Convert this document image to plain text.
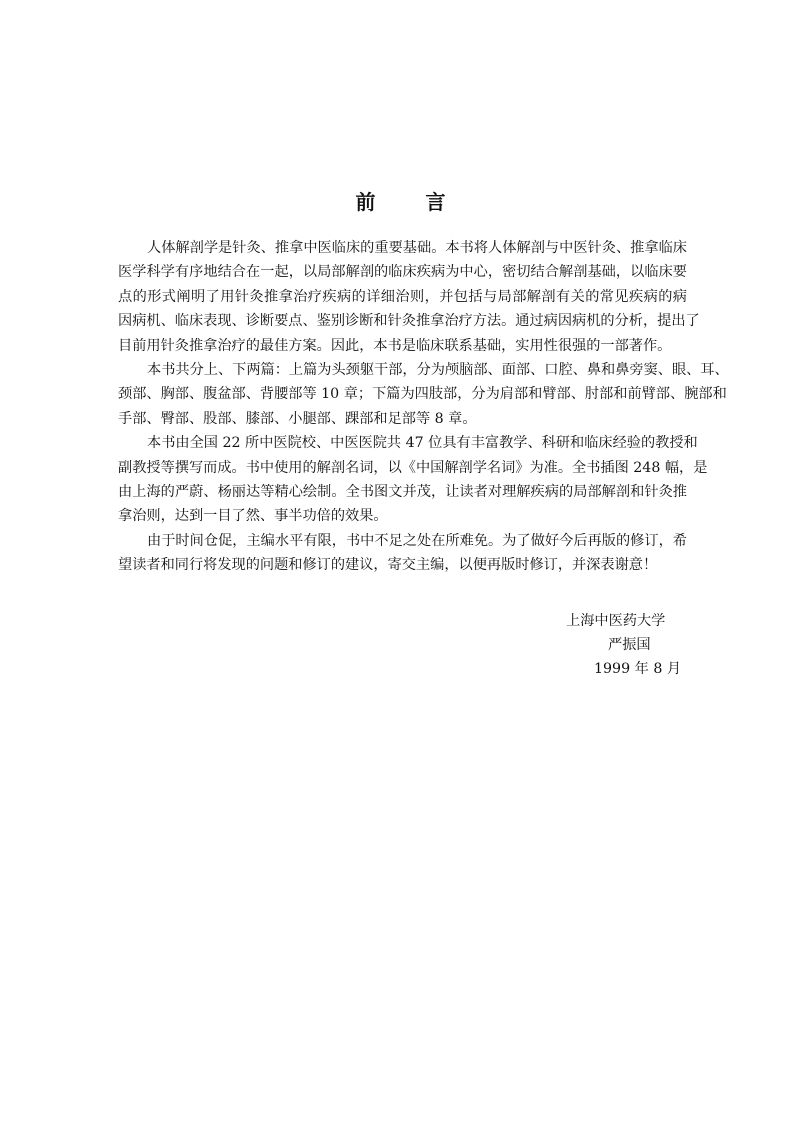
前	言
人体解剖学是针灸、推拿中医临床的重要基础。本书将人体解剖与中医针灸、推拿临床
医学科学有序地结合在一起，以局部解剖的临床疾病为中心，密切结合解剖基础，以临床要
点的形式阐明了用针灸推拿治疗疾病的详细治则，并包括与局部解剖有关的常见疾病的病
因病机、临床表现、诊断要点、鉴别诊断和针灸推拿治疗方法。通过病因病机的分析，提出了
目前用针灸推拿治疗的最佳方案。因此，本书是临床联系基础，实用性很强的一部著作。
本书共分上、下两篇：上篇为头颈躯干部，分为颅脑部、面部、口腔、鼻和鼻旁窦、眼、耳、
颈部、胸部、腹盆部、背腰部等 10 章；下篇为四肢部，分为肩部和臂部、肘部和前臂部、腕部和
手部、臀部、股部、膝部、小腿部、踝部和足部等 8 章。
本书由全国 22 所中医院校、中医医院共 47 位具有丰富教学、科研和临床经验的教授和
副教授等撰写而成。书中使用的解剖名词，以《中国解剖学名词》为准。全书插图 248 幅，是
由上海的严蔚、杨丽达等精心绘制。全书图文并茂，让读者对理解疾病的局部解剖和针灸推
拿治则，达到一目了然、事半功倍的效果。
由于时间仓促，主编水平有限，书中不足之处在所难免。为了做好今后再版的修订，希
望读者和同行将发现的问题和修订的建议，寄交主编，以便再版时修订，并深表谢意！
上海中医药大学
严振国
1999 年 8 月
